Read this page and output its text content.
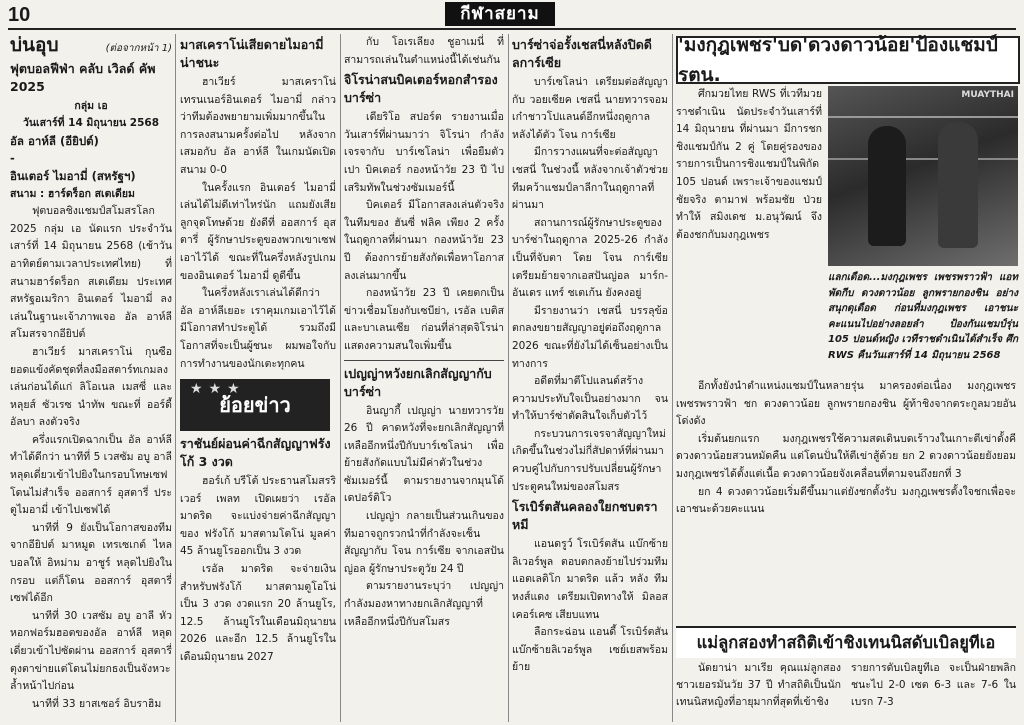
10	กีฬาสยาม
บ่นอุบ	(ต่อจากหน้า 1)
ฟุตบอลฟีฟ่า คลับ เวิลด์ คัพ 2025
กลุ่ม เอ
วันเสาร์ที่ 14 มิถุนายน 2568
อัล อาห์ลี (อียิปต์)
-
อินเตอร์ ไมอามี่ (สหรัฐฯ)
สนาม : ฮาร์ดร็อก สเตเดียม

ฟุตบอลชิงแชมป์สโมสรโลก 2025 กลุ่ม เอ นัดแรก ประจำวันเสาร์ที่ 14 มิถุนายน 2568 (เช้าวันอาทิตย์ตามเวลาประเทศไทย) ที่สนามฮาร์ดร็อก สเตเดียม ประเทศสหรัฐอเมริกา อินเตอร์ ไมอามี่ ลงเล่นในฐานะเจ้าภาพเจอ อัล อาห์ลี สโมสรจากอียิปต์

ฮาเวียร์ มาสเคราโน่ กุนซือยอดแข้งคัดชุดที่ลงมือสตาร์ทเกมลงเล่นก่อนได้แก่ ลิโอเนล เมสซี่ และหลุยส์ ซัวเรซ นำทัพ ขณะที่ ออร์ดี้ อัลบา ลงตัวจริง

ครึ่งแรกเปิดฉากเป็น อัล อาห์ลี ทำได้ดีกว่า นาทีที่ 5 เวสซัม อบู อาลี หลุดเดี่ยวเข้าไปยิงในกรอบโทษเซฟโดนไม่สำเร็จ ออสการ์ อุสตารี่ ประตูไมอามี่ เข้าไปเซฟได้

นาทีที่ 9 ยังเป็นโอกาสของทีมจากอียิปต์ มาหมูด เทรเซเกต์ ไหลบอลให้ อิหม่าม อาชูร์ หลุดไปยิงในกรอบ แต่ก็โดน ออสการ์ อุสตารี่ เซฟได้อีก

นาทีที่ 30 เวสซัม อบู อาลี หัวหอกฟอร์มฮอตของอัล อาห์ลี หลุดเดี่ยวเข้าไปซัดผ่าน ออสการ์ อุสตารี่ ตุงตาข่ายแต่โดนไม่ยกธงเป็นจังหวะล้ำหน้าไปก่อน

นาทีที่ 33 ยาสเซอร์ อิบราฮิม

มาสเคราโน่เสียดายไมอามี่น่าชนะ

ฮาเวียร์ มาสเคราโน่ เทรนเนอร์อินเตอร์ ไมอามี่ กล่าวว่าทีมต้องพยายามเพิ่มมากขึ้นในการลงสนามครั้งต่อไป หลังจากเสมอกับ อัล อาห์ลี ในเกมนัดเปิดสนาม 0-0

ในครั้งแรก อินเตอร์ ไมอามี่ เล่นได้ไม่ดีเท่าไหร่นัก แถมยังเสียลูกจุดโทษด้วย ยังดีที่ ออสการ์ อุสตารี่ ผู้รักษาประตูของพวกเขาเซฟเอาไว้ได้ ขณะที่ในครึ่งหลังรูปเกมของอินเตอร์ ไมอามี่ ดูดีขึ้น

ในครึ่งหลังเราเล่นได้ดีกว่า อัล อาห์ลีเยอะ เราคุมเกมเอาไว้ได้ มีโอกาสทำประตูได้ รวมถึงมีโอกาสที่จะเป็นผู้ชนะ ผมพอใจกับการทำงานของนักเตะทุกคน

★★★
ย้อยข่าว
ราชันย์ผ่อนค่าฉีกสัญญาฟรังโก้ 3 งวด

ฮอร์เก้ บรีโต้ ประธานสโมสรริเวอร์ เพลท เปิดเผยว่า เรอัล มาดริด จะแบ่งจ่ายค่าฉีกสัญญาของ ฟรังโก้ มาสตามโตโน่ มูลค่า 45 ล้านยูโรออกเป็น 3 งวด

เรอัล มาดริด จะจ่ายเงินสำหรับฟรังโก้ มาสตามตูโอโน่ เป็น 3 งวด งวดแรก 20 ล้านยูโร, 12.5 ล้านยูโรในเดือนมิถุนายน 2026 และอีก 12.5 ล้านยูโรในเดือนมิถุนายน 2027

กับ โอเรเลียง ชูอาเมนี่ ที่สามารถเล่นในตำแหน่งนี้ได้เช่นกัน

จิโรน่าสนบิคเตอร์หอกสำรองบาร์ซ่า

เดียริโอ สปอร์ต รายงานเมื่อวันเสาร์ที่ผ่านมาว่า จิโรน่า กำลังเจรจากับ บาร์เซโลน่า เพื่อยืมตัว เปา บิคเตอร์ กองหน้าวัย 23 ปี ไปเสริมทัพในช่วงซัมเมอร์นี้

บิคเตอร์ มีโอกาสลงเล่นตัวจริงในทีมของ ฮันซี่ ฟลิค เพียง 2 ครั้งในฤดูกาลที่ผ่านมา กองหน้าวัย 23 ปี ต้องการย้ายสังกัดเพื่อหาโอกาสลงเล่นมากขึ้น

กองหน้าวัย 23 ปี เคยตกเป็นข่าวเชื่อมโยงกับเซบีย่า, เรอัล เบติส และบาเลนเซีย ก่อนที่ล่าสุดจิโรน่าแสดงความสนใจเพิ่มขึ้น

เปญญ่าหวังยกเลิกสัญญากับบาร์ซ่า

อินญากี้ เปญญ่า นายทวารวัย 26 ปี คาดหวังที่จะยกเลิกสัญญาที่เหลืออีกหนึ่งปีกับบาร์เซโลน่า เพื่อย้ายสังกัดแบบไม่มีค่าตัวในช่วงซัมเมอร์นี้ ตามรายงานจากมุนโด้ เดปอร์ติโว

เปญญ่า กลายเป็นส่วนเกินของทีมอาจถูกรวกนำที่กำลังจะเซ็นสัญญากับ โจน การ์เซีย จากเอสปันญ่อล ผู้รักษาประตูวัย 24 ปี

ตามรายงานระบุว่า เปญญ่า กำลังมองหาทางยกเลิกสัญญาที่เหลืออีกหนึ่งปีกับสโมสร

บาร์ซ่าจ่อรั้งเชสนี่หลังปิดดีลการ์เซีย

บาร์เซโลน่า เตรียมต่อสัญญากับ วอยเซียค เชสนี่ นายทวารจอมเก๋าชาวโปแลนด์อีกหนึ่งฤดูกาล หลังได้ตัว โจน การ์เซีย

มีการวางแผนที่จะต่อสัญญา เชสนี่ ในช่วงนี้ หลังจากเจ้าตัวช่วยทีมคว้าแชมป์ลาลีกาในฤดูกาลที่ผ่านมา

สถานการณ์ผู้รักษาประตูของบาร์ซ่าในฤดูกาล 2025-26 กำลังเป็นที่จับตา โดย โจน การ์เซีย เตรียมย้ายจากเอสปันญ่อล มาร์ก-อันเดร แทร์ ชเตเก้น ยังคงอยู่

มีรายงานว่า เชสนี่ บรรลุข้อตกลงขยายสัญญาอยู่ต่อถึงฤดูกาล 2026 ขณะที่ยังไม่ได้เซ็นอย่างเป็นทางการ

อดีตที่มาตีโปแลนด์สร้างความประทับใจเป็นอย่างมาก จนทำให้บาร์ซ่าตัดสินใจเก็บตัวไว้

กระบวนการเจรจาสัญญาใหม่เกิดขึ้นในช่วงไม่กี่สัปดาห์ที่ผ่านมา ควบคู่ไปกับการปรับเปลี่ยนผู้รักษาประตูคนใหม่ของสโมสร

โรเบิร์ตสันคลองใยกชบตราหมี

แอนดรูว์ โรเบิร์ตสัน แบ๊กซ้ายลิเวอร์พูล ตอบตกลงย้ายไปร่วมทีม แอตเลติโก มาดริด แล้ว หลัง ทีมหงส์แดง เตรียมเปิดทางให้ มิลอส เคอร์เคซ เสียบแทน

ลือกระฉ่อน แอนดี้ โรเบิร์ตสัน แบ๊กซ้ายลิเวอร์พูล เซย์เยสพร้อมย้าย

'มงกุฎเพชร'บด'ดวงดาวน้อย'ป้องแชมป์รตน.

ศึกมวยไทย RWS ที่เวทีมวยราชดำเนิน นัดประจำวันเสาร์ที่ 14 มิถุนายน ที่ผ่านมา มีการชกชิงแชมป์กัน 2 คู่ โดยคู่รองของรายการเป็นการชิงแชมป์ในพิกัด 105 ปอนด์ เพราะเจ้าของแชมป์ชัยจริง ตามาฟ พร้อมชัย ป่วยทำให้ สมิงเดช ม.อนุวัฒน์ จึงต้องชกกับมงกุฎเพชร

MUAYTHAI
แลกเดือด...มงกุฎเพชร เพชรพราวฟ้า แอทพัดกีบ ดวงดาวน้อย ลูกพรายกองชิน อย่างสนุกดุเดือด ก่อนที่มงกุฎเพชร เอาชนะคะแนนไปอย่างลอยลำ ป้องกันแชมป์รุ่น 105 ปอนด์หญิง เวทีราชดำเนินได้สำเร็จ ศึก RWS คืนวันเสาร์ที่ 14 มิถุนายน 2568

อีกทั้งยังนำตำแหน่งแชมป์ในหลายรุ่น มาครองต่อเนื่อง มงกุฎเพชร เพชรพราวฟ้า ชก ดวงดาวน้อย ลูกพรายกองชิน ผู้ท้าชิงจากตระกูลมวยอันโด่งดัง

เริ่มต้นยกแรก มงกุฎเพชรใช้ความสดเดินบดเร้าวงในเกาะตีเข่าดั้งคีดวงดาวน้อยสวนหมัดคืน แต่โดนปั่นให้ตีเข่าสู้ด้วย ยก 2 ดวงดาวน้อยยังยอมมงกุฎเพชรได้ตั้งแต่เนื้อ ดวงดาวน้อยจังเคลื่อนที่ตามจนถึงยกที่ 3

ยก 4 ดวงดาวน้อยเริ่มดีขึ้นมาแต่ยังชกตั้งรับ มงกุฎเพชรตั้งใจชกเพื่อจะเอาชนะด้วยคะแนน

แม่ลูกสองทำสถิติเข้าชิงเทนนิสดับเบิลยูทีเอ

นัดยาน่า มาเรีย คุณแม่ลูกสองชาวเยอรมันวัย 37 ปี ทำสถิติเป็นนักเทนนิสหญิงที่อายุมากที่สุดที่เข้าชิงรายการดับเบิลยูทีเอ จะเป็นฝ่ายพลิกชนะไป 2-0 เซต 6-3 และ 7-6 ในเบรก 7-3
